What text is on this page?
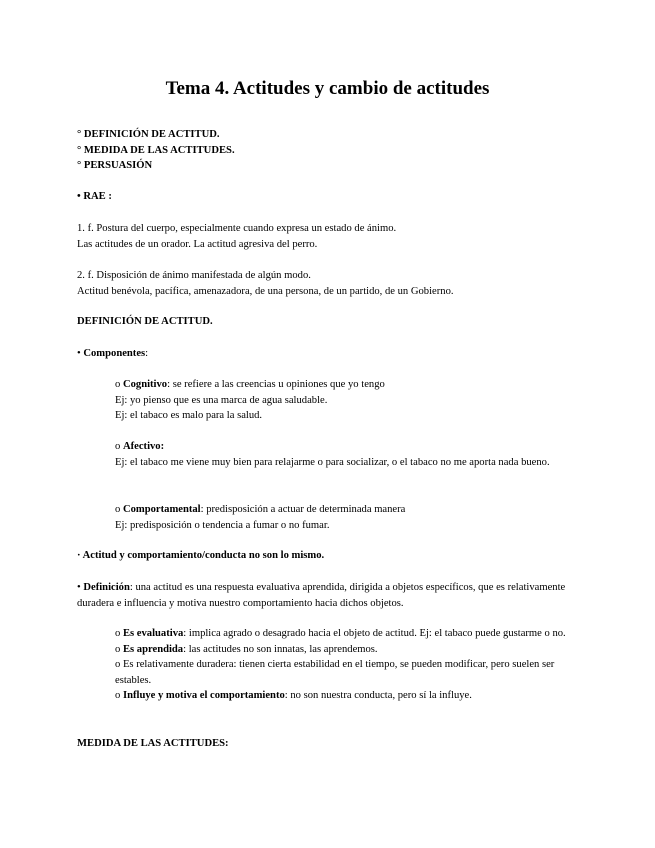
Tema 4. Actitudes y cambio de actitudes
° DEFINICIÓN DE ACTITUD.
° MEDIDA DE LAS ACTITUDES.
° PERSUASIÓN
• RAE :
1. f. Postura del cuerpo, especialmente cuando expresa un estado de ánimo.
Las actitudes de un orador. La actitud agresiva del perro.
2. f. Disposición de ánimo manifestada de algún modo.
Actitud benévola, pacífica, amenazadora, de una persona, de un partido, de un Gobierno.
DEFINICIÓN DE ACTITUD.
• Componentes:
o Cognitivo: se refiere a las creencias u opiniones que yo tengo
Ej: yo pienso que es una marca de agua saludable.
Ej: el tabaco es malo para la salud.
o Afectivo:
Ej: el tabaco me viene muy bien para relajarme o para socializar, o el tabaco no me aporta nada bueno.
o Comportamental: predisposición a actuar de determinada manera
Ej: predisposición o tendencia a fumar o no fumar.
· Actitud y comportamiento/conducta no son lo mismo.
• Definición: una actitud es una respuesta evaluativa aprendida, dirigida a objetos específicos, que es relativamente duradera e influencia y motiva nuestro comportamiento hacia dichos objetos.
o Es evaluativa: implica agrado o desagrado hacia el objeto de actitud. Ej: el tabaco puede gustarme o no.
o Es aprendida: las actitudes no son innatas, las aprendemos.
o Es relativamente duradera: tienen cierta estabilidad en el tiempo, se pueden modificar, pero suelen ser estables.
o Influye y motiva el comportamiento: no son nuestra conducta, pero sí la influye.
MEDIDA DE LAS ACTITUDES:
